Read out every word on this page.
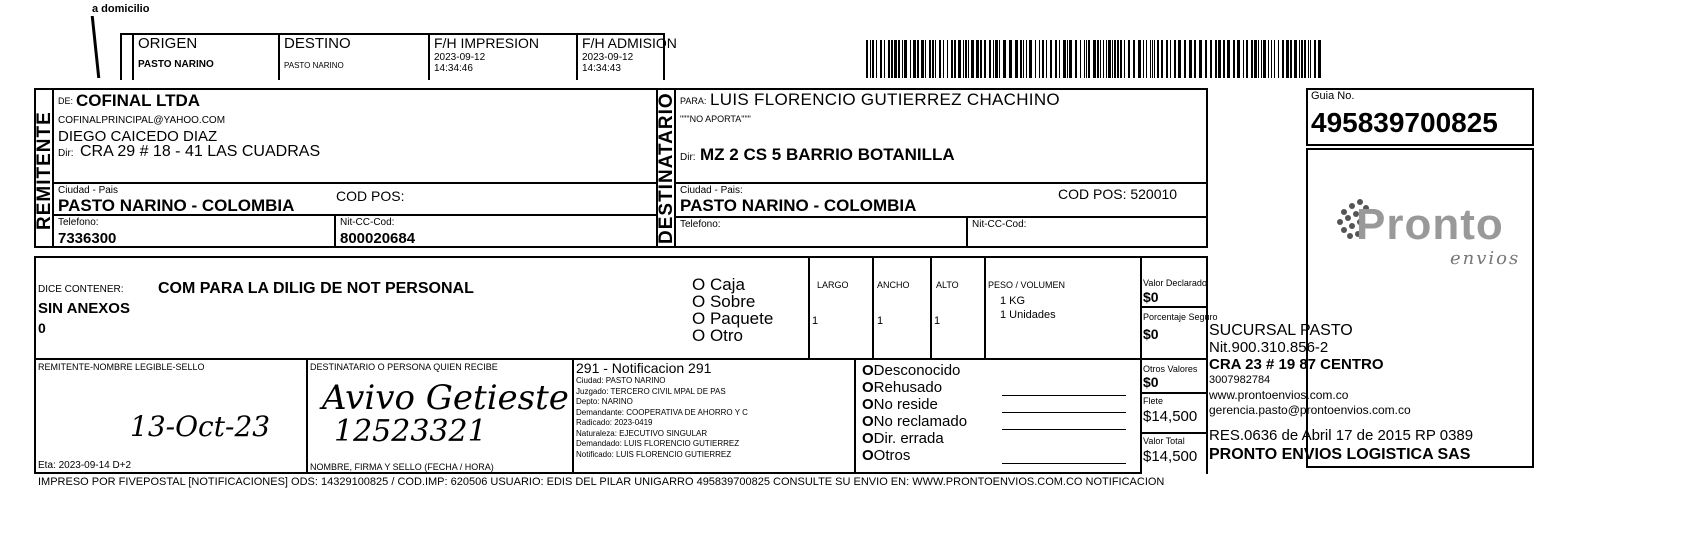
a domicilio
ORIGEN
PASTO NARINO
DESTINO
PASTO NARINO
F/H IMPRESION
2023-09-12
14:34:46
F/H ADMISION
2023-09-12
14:34:43
REMITENTE
DE: COFINAL LTDA
COFINALPRINCIPAL@YAHOO.COM
DIEGO CAICEDO DIAZ
Dir: CRA 29 # 18 - 41 LAS CUADRAS
Ciudad - Pais
PASTO NARINO - COLOMBIA	COD POS:
Telefono:
7336300
Nit-CC-Cod:
800020684	DESTINATARIO PARA: LUIS FLORENCIO GUTIERREZ CHACHINO
"""NO APORTA"""
Dir: MZ 2 CS 5 BARRIO BOTANILLA
Ciudad - Pais:
PASTO NARINO - COLOMBIA
COD POS: 520010
Telefono:	Nit-CC-Cod:
Guia No.
495839700825
Pronto
envios
SUCURSAL PASTO
Nit.900.310.856-2
CRA 23 # 19 87 CENTRO
3007982784
www.prontoenvios.com.co
gerencia.pasto@prontoenvios.com.co
RES.0636 de Abril 17 de 2015 RP 0389
PRONTO ENVIOS LOGISTICA SAS
DICE CONTENER: COM PARA LA DILIG DE NOT PERSONAL
SIN ANEXOS
0
O Caja
O Sobre
O Paquete
O Otro
LARGO	ANCHO	ALTO
1	1	1
PESO / VOLUMEN
1 KG
1 Unidades
Valor Declarado
$0
Porcentaje Seguro
$0
Otros Valores
$0
Flete
$14,500
Valor Total
$14,500
REMITENTE-NOMBRE LEGIBLE-SELLO
13-Oct-23
Eta: 2023-09-14 D+2
DESTINATARIO O PERSONA QUIEN RECIBE
Avivo Getieste
12523321
NOMBRE, FIRMA Y SELLO (FECHA / HORA)
291 - Notificacion 291
Ciudad: PASTO NARINO
Juzgado: TERCERO CIVIL MPAL DE PAS
Depto: NARINO
Demandante: COOPERATIVA DE AHORRO Y C
Radicado: 2023-0419
Naturaleza: EJECUTIVO SINGULAR
Demandado: LUIS FLORENCIO GUTIERREZ
Notificado: LUIS FLORENCIO GUTIERREZ
ODesconocido
ORehusado
ONo reside
ONo reclamado
ODir. errada
OOtros
IMPRESO POR FIVEPOSTAL [NOTIFICACIONES] ODS: 14329100825 / COD.IMP: 620506 USUARIO: EDIS DEL PILAR UNIGARRO 495839700825 CONSULTE SU ENVIO EN: WWW.PRONTOENVIOS.COM.CO NOTIFICACION
